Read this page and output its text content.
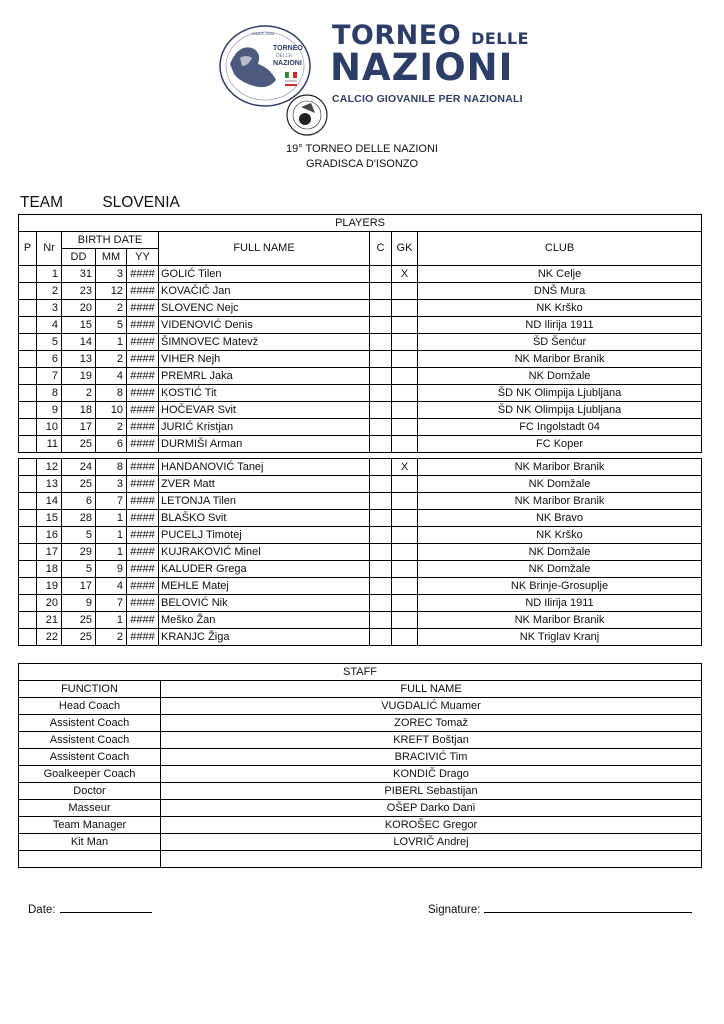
TORNEO
DELLE
NAZIONI
SINCE 2004 TORNEO DELLE
NAZIONI
CALCIO GIOVANILE PER NAZIONALI
19° TORNEO DELLE NAZIONI
GRADISCA D'ISONZO
TEAM	SLOVENIA
PLAYERS								
P	Nr	BIRTH DATE			FULL NAME	C	GK	CLUB
		DD	MM	YY				
	1	31	3	####	GOLIĆ Tilen		X	NK Celje
	2	23	12	####	KOVAČIČ Jan			DNŠ Mura
	3	20	2	####	SLOVENC Nejc			NK Krško
	4	15	5	####	VIDENOVIĆ Denis			ND Ilirija 1911
	5	14	1	####	ŠIMNOVEC Matevž			ŠD Šenćur
	6	13	2	####	VIHER Nejh			NK Maribor Branik
	7	19	4	####	PREMRL Jaka			NK Domžale
	8	2	8	####	KOSTIĆ Tit			ŠD NK Olimpija Ljubljana
	9	18	10	####	HOČEVAR Svit			ŠD NK Olimpija Ljubljana
	10	17	2	####	JURIĆ Kristjan			FC Ingolstadt 04
	11	25	6	####	DURMIŠI Arman			FC Koper
	12	24	8	####	HANDANOVIĆ Tanej		X	NK Maribor Branik
	13	25	3	####	ZVER Matt			NK Domžale
	14	6	7	####	LETONJA Tilen			NK Maribor Branik
	15	28	1	####	BLAŠKO Svit			NK Bravo
	16	5	1	####	PUCELJ Timotej			NK Krško
	17	29	1	####	KUJRAKOVIĆ Minel			NK Domžale
	18	5	9	####	KALUDER Grega			NK Domžale
	19	17	4	####	MEHLE Matej			NK Brinje-Grosuplje
	20	9	7	####	BELOVIĆ Nik			ND Ilirija 1911
	21	25	1	####	Meško Žan			NK Maribor Branik
	22	25	2	####	KRANJC Žiga			NK Triglav Kranj
STAFF	
FUNCTION	FULL NAME
Head Coach	VUGDALIĆ Muamer
Assistent Coach	ZOREC Tomaž
Assistent Coach	KREFT Boštjan
Assistent Coach	BRACIVIĆ Tim
Goalkeeper Coach	KONDIČ Drago
Doctor	PIBERL Sebastijan
Masseur	OŠEP Darko Dani
Team Manager	KOROŠEC Gregor
Kit Man	LOVRIČ Andrej

Date:	Signature:
